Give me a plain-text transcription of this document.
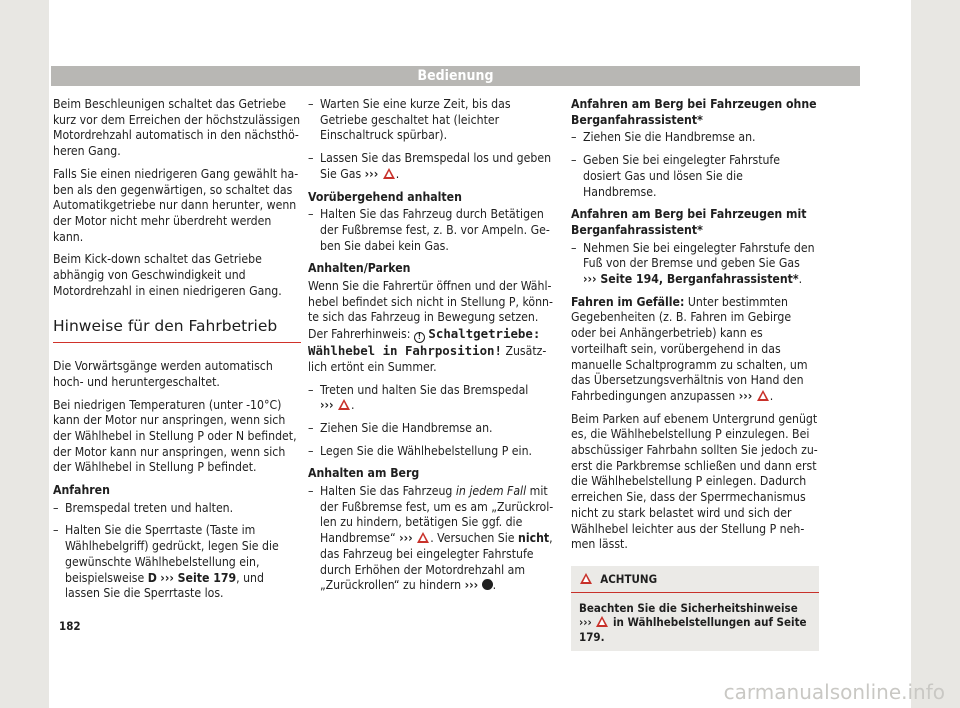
Bedienung

Beim Beschleunigen schaltet das Getriebe kurz vor dem Erreichen der höchstzulässigen Motordrehzahl automatisch in den nächsthöheren Gang.

Falls Sie einen niedrigeren Gang gewählt haben als den gegenwärtigen, so schaltet das Automatikgetriebe nur dann herunter, wenn der Motor nicht mehr überdreht werden kann.

Beim Kick-down schaltet das Getriebe abhängig von Geschwindigkeit und Motordrehzahl in einen niedrigeren Gang.

Hinweise für den Fahrbetrieb

Die Vorwärtsgänge werden automatisch hoch- und heruntergeschaltet.

Bei niedrigen Temperaturen (unter -10°C) kann der Motor nur anspringen, wenn sich der Wählhebel in Stellung P oder N befindet, der Motor kann nur anspringen, wenn sich der Wählhebel in Stellung P befindet.

Anfahren
– Bremspedal treten und halten.
– Halten Sie die Sperrtaste (Taste im Wählhebelgriff) gedrückt, legen Sie die gewünschte Wählhebelstellung ein, beispielsweise D ››› Seite 179, und lassen Sie die Sperrtaste los.
– Warten Sie eine kurze Zeit, bis das Getriebe geschaltet hat (leichter Einschaltruck spürbar).
– Lassen Sie das Bremspedal los und geben Sie Gas ››› .
Vorübergehend anhalten
– Halten Sie das Fahrzeug durch Betätigen der Fußbremse fest, z. B. vor Ampeln. Geben Sie dabei kein Gas.
Anhalten/Parken

Wenn Sie die Fahrertür öffnen und der Wählhebel befindet sich nicht in Stellung P, könnte sich das Fahrzeug in Bewegung setzen. Der Fahrerhinweis: ! Schaltgetriebe: Wählhebel in Fahrposition! Zusätzlich ertönt ein Summer.

– Treten und halten Sie das Bremspedal
››› .
– Ziehen Sie die Handbremse an.
– Legen Sie die Wählhebelstellung P ein.
Anhalten am Berg
– Halten Sie das Fahrzeug in jedem Fall mit der Fußbremse fest, um es am „Zurückrollen zu hindern, betätigen Sie ggf. die Handbremse“ ››› . Versuchen Sie nicht, das Fahrzeug bei eingelegter Fahrstufe durch Erhöhen der Motordrehzahl am „Zurückrollen“ zu hindern ››› .
Anfahren am Berg bei Fahrzeugen ohne Berganfahrassistent*
– Ziehen Sie die Handbremse an.
– Geben Sie bei eingelegter Fahrstufe dosiert Gas und lösen Sie die Handbremse.
Anfahren am Berg bei Fahrzeugen mit Berganfahrassistent*
– Nehmen Sie bei eingelegter Fahrstufe den Fuß von der Bremse und geben Sie Gas
››› Seite 194, Berganfahrassistent*.

Fahren im Gefälle: Unter bestimmten Gegebenheiten (z. B. Fahren im Gebirge oder bei Anhängerbetrieb) kann es vorteilhaft sein, vorübergehend in das manuelle Schaltprogramm zu schalten, um das Übersetzungsverhältnis von Hand den Fahrbedingungen anzupassen ››› .

Beim Parken auf ebenem Untergrund genügt es, die Wählhebelstellung P einzulegen. Bei abschüssiger Fahrbahn sollten Sie jedoch zuerst die Parkbremse schließen und dann erst die Wählhebelstellung P einlegen. Dadurch erreichen Sie, dass der Sperrmechanismus nicht zu stark belastet wird und sich der Wählhebel leichter aus der Stellung P nehmen lässt.

ACHTUNG
Beachten Sie die Sicherheitshinweise ››› in Wählhebelstellungen auf Seite 179.
182
carmanualsonline.info
